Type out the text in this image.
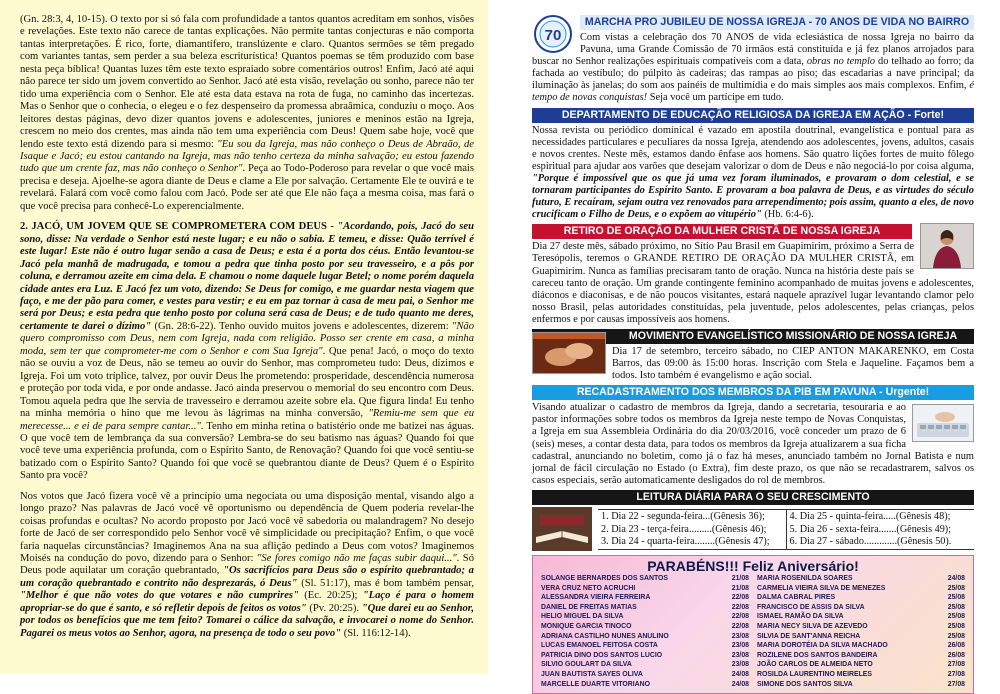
(Gn. 28:3, 4, 10-15). O texto por si só fala com profundidade a tantos quantos acreditam em sonhos, visões e revelações. Este texto não carece de tantas explicações. Não permite tantas conjecturas e não comporta tantas interpretações. É rico, forte, diamantífero, translúzente e claro. Quantos sermões se têm pregado com variantes tantas, sem perder a sua beleza escriturística! Quantos poemas se têm produzido com base nesta peça bíblica! Quantas luzes têm este texto espraiado sobre comentários outros! Enfim, Jacó até aqui não parece ter sido um jovem convertido ao Senhor. Jacó até esta visão, revelação ou sonho, parece não ter tido uma experiência com o Senhor. Ele até esta data estava na rota de fuga, no caminho das incertezas. Mas o Senhor que o conhecia, o elegeu e o fez despenseiro da promessa abraâmica, conduziu o moço. Aos leitores destas páginas, devo dizer quantos jovens e adolescentes, juniores e meninos estão na Igreja, crescem no meio dos crentes, mas ainda não tem uma experiência com Deus! Quem sabe hoje, você que lendo este texto está dizendo para si mesmo: "Eu sou da Igreja, mas não conheço o Deus de Abraão, de Isaque e Jacó; eu estou cantando na Igreja, mas não tenho certeza da minha salvação; eu estou fazendo tudo que um crente faz, mas não conheço o Senhor". Peça ao Todo-Poderoso para revelar o que você mais precisa e deseja. Ajoelhe-se agora diante de Deus e clame a Ele por salvação. Certamente Ele te ouvirá e te revelará. Falará com você como falou com Jacó. Pode ser até que Ele não faça a mesma coisa, mas fará o que você precisa para conhecê-Lo experencialmente.

2. JACÓ, UM JOVEM QUE SE COMPROMETERA COM DEUS - "Acordando, pois, Jacó do seu sono, disse: Na verdade o Senhor está neste lugar; e eu não o sabia. E temeu, e disse: Quão terrível é este lugar! Este não é outro lugar senão a casa de Deus; e esta é a porta dos céus. Então levantou-se Jacó pela manhã de madrugada, e tomou a pedra que tinha posto por seu travesseiro, e a pôs por coluna, e derramou azeite em cima dela. E chamou o nome daquele lugar Betel; o nome porém daquela cidade antes era Luz. E Jacó fez um voto, dizendo: Se Deus for comigo, e me guardar nesta viagem que faço, e me der pão para comer, e vestes para vestir; e eu em paz tornar à casa de meu pai, o Senhor me será por Deus; e esta pedra que tenho posto por coluna será casa de Deus; e de tudo quanto me deres, certamente te darei o dízimo" (Gn. 28:6-22). Tenho ouvido muitos jovens e adolescentes, dizerem: "Não quero compromisso com Deus, nem com Igreja, nada com religião. Posso ser crente em casa, a minha moda, sem ter que comprometer-me com o Senhor e com Sua Igreja". Que pena! Jacó, o moço do texto não se ouviu a voz de Deus, não se temeu ao ouvir do Senhor, mas comprometeu tudo: Deus, dízimos e Igreja. Foi um voto tríplice, talvez, por ouvir Deus lhe prometendo: prosperidade, descendência numerosa e proteção por toda vida, e por onde andasse. Jacó ainda preservou o memorial do seu encontro com Deus. Tomou aquela pedra que lhe servia de travesseiro e derramou azeite sobre ela. Que figura linda! Eu tenho na minha memória o hino que me levou às lágrimas na minha conversão, "Remiu-me sem que eu merecesse... e ei de para sempre cantar...". Tenho em minha retina o batistério onde me batizei nas águas. O que você tem de lembrança da sua conversão? Lembra-se do seu batismo nas águas? Quando foi que você teve uma experiência profunda, com o Espírito Santo, de Renovação? Quando foi que você sentiu-se batizado com o Espírito Santo? Quando foi que você se quebrantou diante de Deus? Quem é o Espírito Santo pra você?

Nos votos que Jacó fizera você vê a princípio uma negociata ou uma disposição mental, visando algo a longo prazo? Nas palavras de Jacó você vê oportunismo ou dependência de Quem poderia revelar-lhe coisas profundas e ocultas? No acordo proposto por Jacó você vê sabedoria ou malandragem? No desejo forte de Jacó de ser correspondido pelo Senhor você vê simplicidade ou precipitação? Enfim, o que você faria naquelas circunstâncias? Imaginemos Ana na sua aflição pedindo a Deus com votos? Imaginemos Moisés na condução do povo, dizendo para o Senhor: "Se fores comigo não me faças subir daqui...". Só Deus pode aquilatar um coração quebrantado, "Os sacrifícios para Deus são o espírito quebrantado; a um coração quebrantado e contrito não desprezarás, ó Deus" (Sl. 51:17), mas é bom também pensar, "Melhor é que não votes do que votares e não cumprires" (Ec. 20:25); "Laço é para o homem apropriar-se do que é santo, e só refletir depois de feitos os votos" (Pv. 20:25). "Que darei eu ao Senhor, por todos os benefícios que me tem feito? Tomarei o cálice da salvação, e invocarei o nome do Senhor. Pagarei os meus votos ao Senhor, agora, na presença de todo o seu povo" (Sl. 116:12-14).

MARCHA PRO JUBILEU DE NOSSA IGREJA - 70 ANOS DE VIDA NO BAIRRO
70	Com vistas a celebração dos 70 ANOS de vida eclesiástica de nossa Igreja no bairro da Pavuna, uma Grande Comissão de 70 irmãos está constituída e já fez planos arrojados para buscar no Senhor realizações espirituais compatíveis com a data, obras no templo do telhado ao forro; da fachada ao vestíbulo; do púlpito às cadeiras; das rampas ao piso; das escadarias a nave principal; da iluminação às janelas; do som aos painéis de multimídia e do mais simples aos mais complexos. Enfim, é tempo de novas conquistas! Seja você um partícipe em tudo.

DEPARTAMENTO DE EDUCAÇÃO RELIGIOSA DA IGREJA EM AÇÃO - Forte!

Nossa revista ou periódico dominical é vazado em apostila doutrinal, evangelística e pontual para as necessidades particulares e peculiares da nossa Igreja, atendendo aos adolescentes, jovens, adultos, casais e novos crentes. Neste mês, estamos dando ênfase aos homens. São quatro lições fortes de muito fôlego espiritual para ajudar aos varões que desejam valorizar o dom de Deus e não negociá-lo por coisa alguma, "Porque é impossível que os que já uma vez foram iluminados, e provaram o dom celestial, e se tornaram participantes do Espírito Santo. E provaram a boa palavra de Deus, e as virtudes do século futuro, E recaíram, sejam outra vez renovados para arrependimento; pois assim, quanto a eles, de novo crucificam o Filho de Deus, e o expõem ao vitupério" (Hb. 6:4-6).

RETIRO DE ORAÇÃO DA MULHER CRISTÃ DE NOSSA IGREJA

Dia 27 deste mês, sábado próximo, no Sítio Pau Brasil em Guapimirim, próximo a Serra de Teresópolis, teremos o GRANDE RETIRO DE ORAÇÃO DA MULHER CRISTÃ, em Guapimirim. Nunca as famílias precisaram tanto de oração. Nunca na história deste país se careceu tanto de oração. Um grande contingente feminino acompanhado de muitas jovens e adolescentes, diáconos e diaconisas, e de não poucos visitantes, estará naquele aprazível lugar levantando clamor pelo nosso Brasil, pelas autoridades constituídas, pela juventude, pelos adolescentes, pelas crianças, pelos enfermos e por causas impossíveis aos homens.

MOVIMENTO EVANGELÍSTICO MISSIONÁRIO DE NOSSA IGREJA

Dia 17 de setembro, terceiro sábado, no CIEP ANTON MAKARENKO, em Costa Barros, das 09:00 às 15:00 horas. Inscrição com Stela e Jaqueline. Façamos bem a todos. Isto também é evangelismo e ação social.

RECADASTRAMENTO DOS MEMBROS DA PIB EM PAVUNA - Urgente!

Visando atualizar o cadastro de membros da Igreja, dando a secretaria, tesouraria e ao pastor informações sobre todos os membros da Igreja neste tempo de Novas Conquistas, a Igreja em sua Assembleia Ordinária do dia 20/03/2016, você conceder um prazo de 6 (seis) meses, a contar desta data, para todos os membros da Igreja atualizarem a sua ficha cadastral, anunciando no boletim, como já o faz há meses, anunciado também no Jornal Batista e num jornal de fácil circulação no Estado (o Extra), fim deste prazo, os que não se recadastrarem, salvos os casos especiais, serão automaticamente desligados do rol de membros.

LEITURA DIÁRIA PARA O SEU CRESCIMENTO
1. Dia 22 - segunda-feira...(Gênesis 36);
2. Dia 23 - terça-feira.........(Gênesis 46);
3. Dia 24 - quarta-feira........(Gênesis 47);
4. Dia 25 - quinta-feira.....(Gênesis 48);
5. Dia 26 - sexta-feira.......(Gênesis 49);
6. Dia 27 - sábado.............(Gênesis 50).
PARABÉNS!!! Feliz Aniversário!
SOLANGE BERNARDES DOS SANTOS	21/08
VERA CRUZ NETO ACRUCHI	21/08
ALESSANDRA VIEIRA FERREIRA	22/08
DANIEL DE FREITAS MATIAS	22/08
HELIO MIGUEL DA SILVA	22/08
MONIQUE GARCIA TINOCO	22/08
ADRIANA CASTILHO NUNES ANULINO	23/08
LUCAS EMANOEL FEITOSA COSTA	23/08
PATRICIA DINO DOS SANTOS LUCIO	23/08
SILVIO GOULART DA SILVA	23/08
JUAN BAUTISTA SAYES OLIVA	24/08
MARCELLE DUARTE VITORIANO	24/08
MARIA ROSENILDA SOARES	24/08
CARMELIA VIEIRA SILVA DE MENEZES	25/08
DALMA CABRAL PIRES	25/08
FRANCISCO DE ASSIS DA SILVA	25/08
ISMAEL RAMÃO DA SILVA	25/08
MARIA NECY SILVA DE AZEVEDO	25/08
SILVIA DE SANT'ANNA REICHA	25/08
MARIA DOROTÉIA DA SILVA MACHADO	26/08
ROZILENE DOS SANTOS BANDEIRA	26/08
JOÃO CARLOS DE ALMEIDA NETO	27/08
ROSILDA LAURENTINO MEIRELES	27/08
SIMONE DOS SANTOS SILVA	27/08
